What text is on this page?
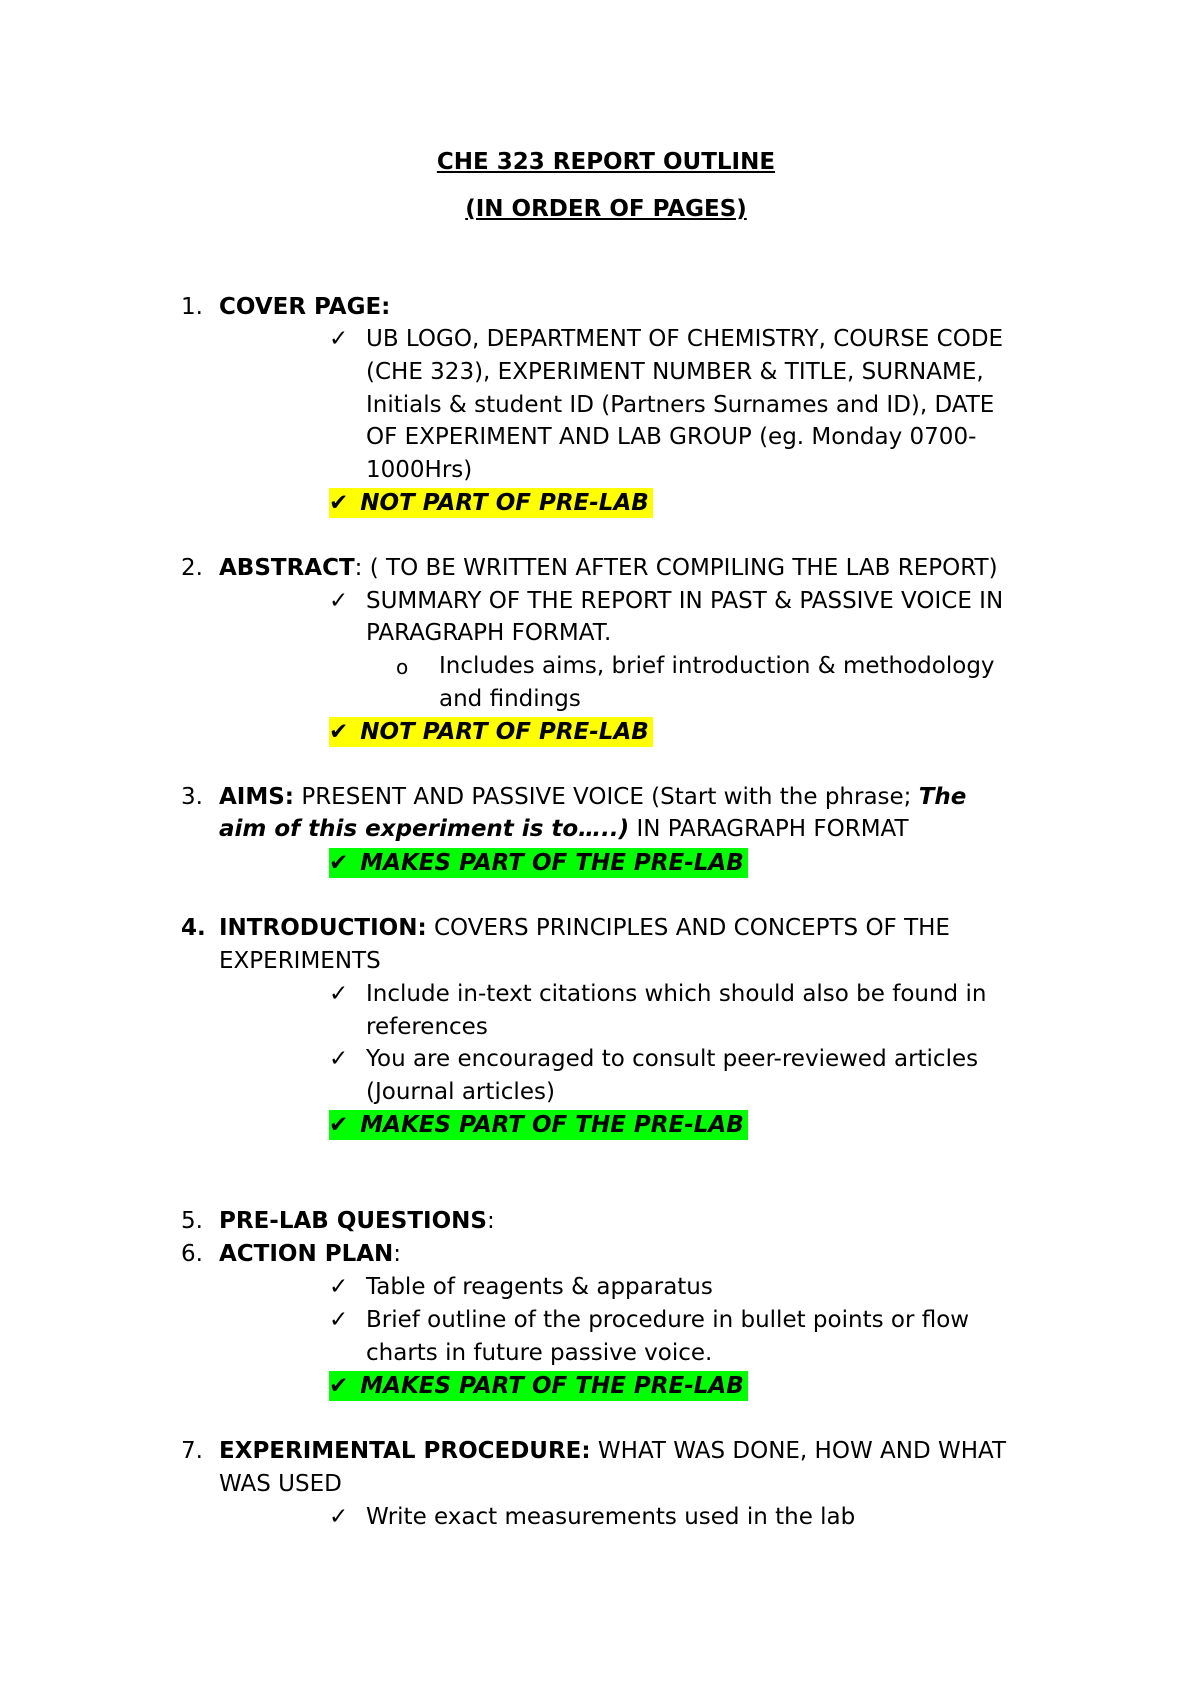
CHE 323 REPORT OUTLINE
(IN ORDER OF PAGES)
1. COVER PAGE:
✓ UB LOGO, DEPARTMENT OF CHEMISTRY, COURSE CODE
(CHE 323), EXPERIMENT NUMBER & TITLE, SURNAME,
Initials & student ID (Partners Surnames and ID), DATE
OF EXPERIMENT AND LAB GROUP (eg. Monday 0700-
1000Hrs)
✔ NOT PART OF PRE-LAB
2. ABSTRACT: ( TO BE WRITTEN AFTER COMPILING THE LAB REPORT)
✓ SUMMARY OF THE REPORT IN PAST & PASSIVE VOICE IN
PARAGRAPH FORMAT.
o Includes aims, brief introduction & methodology
and findings
✔ NOT PART OF PRE-LAB
3. AIMS: PRESENT AND PASSIVE VOICE (Start with the phrase; The
aim of this experiment is to…..) IN PARAGRAPH FORMAT
✔ MAKES PART OF THE PRE-LAB
4. INTRODUCTION: COVERS PRINCIPLES AND CONCEPTS OF THE
EXPERIMENTS
✓ Include in-text citations which should also be found in
references
✓ You are encouraged to consult peer-reviewed articles
(Journal articles)
✔ MAKES PART OF THE PRE-LAB
5. PRE-LAB QUESTIONS:
6. ACTION PLAN:
✓ Table of reagents & apparatus
✓ Brief outline of the procedure in bullet points or flow
charts in future passive voice.
✔ MAKES PART OF THE PRE-LAB
7. EXPERIMENTAL PROCEDURE: WHAT WAS DONE, HOW AND WHAT
WAS USED
✓ Write exact measurements used in the lab
